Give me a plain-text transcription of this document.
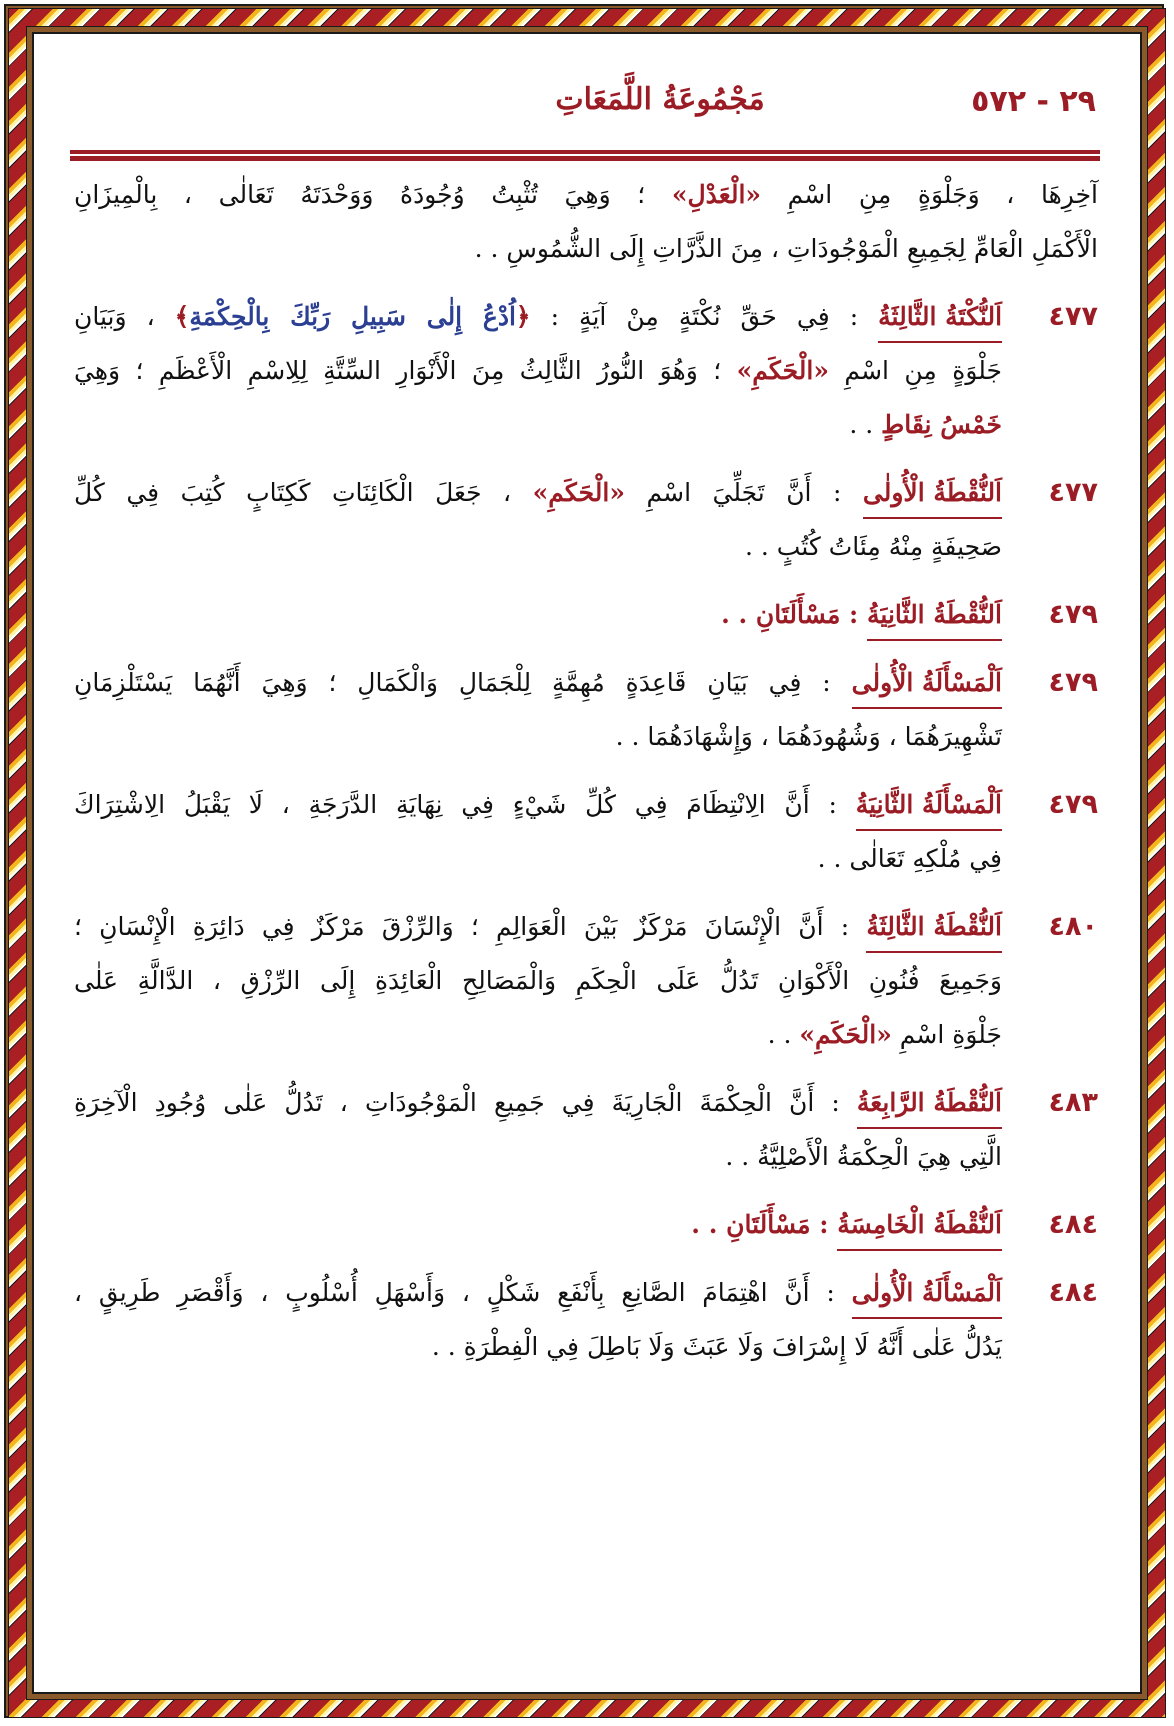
٢٩ - ٥٧٢
مَجْمُوعَةُ اللَّمَعَاتِ
آخِرِهَا ، وَجَلْوَةٍ مِنِ اسْمِ «الْعَدْلِ» ؛ وَهِيَ تُثْبِتُ وُجُودَهُ وَوَحْدَتَهُ تَعَالٰى ، بِالْمِيزَانِ
الْأَكْمَلِ الْعَامِّ لِجَمِيعِ الْمَوْجُودَاتِ ، مِنَ الذَّرَّاتِ إِلَى الشُّمُوسِ . .
٤٧٧
اَلنُّكْتَةُ الثَّالِثَةُ : فِي حَقِّ نُكْتَةٍ مِنْ آيَةٍ : ﴿اُدْعُ إِلٰى سَبِيلِ رَبِّكَ بِالْحِكْمَةِ﴾ ، وَبَيَانِ
جَلْوَةٍ مِنِ اسْمِ «الْحَكَمِ» ؛ وَهُوَ النُّورُ الثَّالِثُ مِنَ الْأَنْوَارِ السِّتَّةِ لِلِاسْمِ الْأَعْظَمِ ؛ وَهِيَ
خَمْسُ نِقَاطٍ . .
٤٧٧
اَلنُّقْطَةُ الْأُولٰى : أَنَّ تَجَلِّيَ اسْمِ «الْحَكَمِ» ، جَعَلَ الْكَائِنَاتِ كَكِتَابٍ كُتِبَ فِي كُلِّ
صَحِيفَةٍ مِنْهُ مِئَاتُ كُتُبٍ . .
٤٧٩
اَلنُّقْطَةُ الثَّانِيَةُ : مَسْأَلَتَانِ . .
٤٧٩
اَلْمَسْأَلَةُ الْأُولٰى : فِي بَيَانِ قَاعِدَةٍ مُهِمَّةٍ لِلْجَمَالِ وَالْكَمَالِ ؛ وَهِيَ أَنَّهُمَا يَسْتَلْزِمَانِ
تَشْهِيرَهُمَا ، وَشُهُودَهُمَا ، وَإِشْهَادَهُمَا . .
٤٧٩
اَلْمَسْأَلَةُ الثَّانِيَةُ : أَنَّ الِانْتِظَامَ فِي كُلِّ شَيْءٍ فِي نِهَايَةِ الدَّرَجَةِ ، لَا يَقْبَلُ الِاشْتِرَاكَ
فِي مُلْكِهِ تَعَالٰى . .
٤٨٠
اَلنُّقْطَةُ الثَّالِثَةُ : أَنَّ الْإِنْسَانَ مَرْكَزٌ بَيْنَ الْعَوَالِمِ ؛ وَالرِّزْقَ مَرْكَزٌ فِي دَائِرَةِ الْإِنْسَانِ ؛
وَجَمِيعَ فُنُونِ الْأَكْوَانِ تَدُلُّ عَلَى الْحِكَمِ وَالْمَصَالِحِ الْعَائِدَةِ إِلَى الرِّزْقِ ، الدَّالَّةِ عَلٰى
جَلْوَةِ اسْمِ «الْحَكَمِ» . .
٤٨٣
اَلنُّقْطَةُ الرَّابِعَةُ : أَنَّ الْحِكْمَةَ الْجَارِيَةَ فِي جَمِيعِ الْمَوْجُودَاتِ ، تَدُلُّ عَلٰى وُجُودِ الْآخِرَةِ
الَّتِي هِيَ الْحِكْمَةُ الْأَصْلِيَّةُ . .
٤٨٤
اَلنُّقْطَةُ الْخَامِسَةُ : مَسْأَلَتَانِ . .
٤٨٤
اَلْمَسْأَلَةُ الْأُولٰى : أَنَّ اهْتِمَامَ الصَّانِعِ بِأَنْفَعِ شَكْلٍ ، وَأَسْهَلِ أُسْلُوبٍ ، وَأَقْصَرِ طَرِيقٍ ،
يَدُلُّ عَلٰى أَنَّهُ لَا إِسْرَافَ وَلَا عَبَثَ وَلَا بَاطِلَ فِي الْفِطْرَةِ . .
